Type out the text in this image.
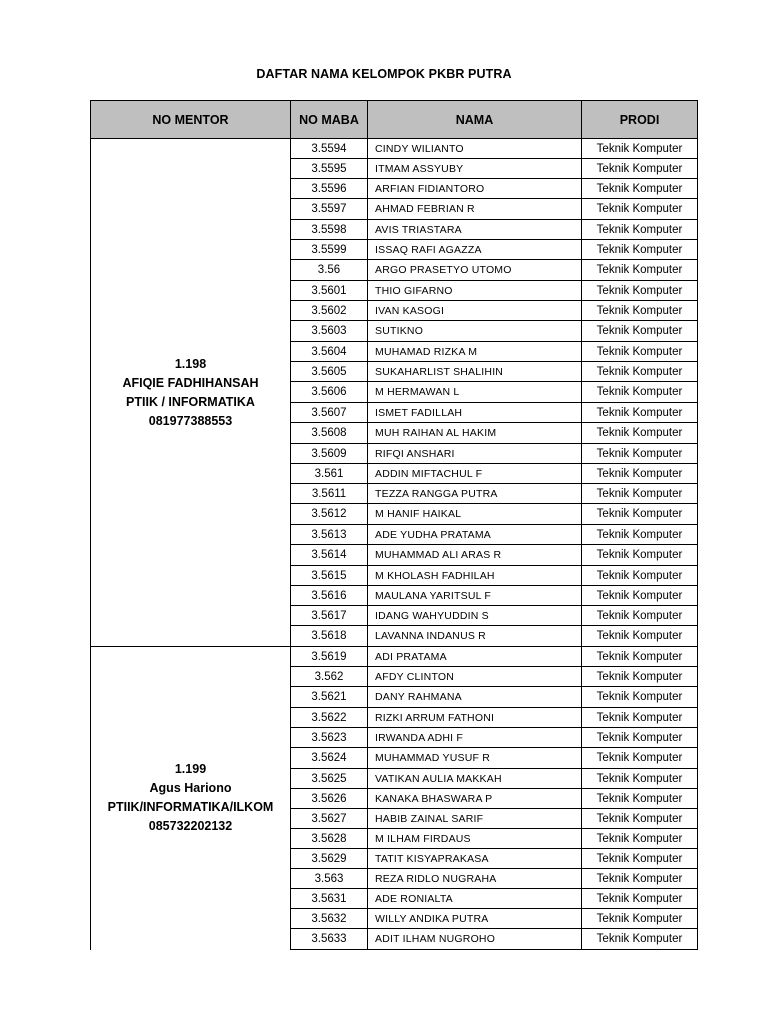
DAFTAR NAMA KELOMPOK PKBR PUTRA
NO MENTOR	NO MABA	NAMA	PRODI

1.198
AFIQIE FADHIHANSAH
PTIIK / INFORMATIKA
081977388553	3.5594	CINDY WILIANTO	Teknik Komputer
	3.5595	ITMAM ASSYUBY	Teknik Komputer
	3.5596	ARFIAN FIDIANTORO	Teknik Komputer
	3.5597	AHMAD FEBRIAN R	Teknik Komputer
	3.5598	AVIS TRIASTARA	Teknik Komputer
	3.5599	ISSAQ RAFI AGAZZA	Teknik Komputer
	3.56	ARGO PRASETYO UTOMO	Teknik Komputer
	3.5601	THIO GIFARNO	Teknik Komputer
	3.5602	IVAN KASOGI	Teknik Komputer
	3.5603	SUTIKNO	Teknik Komputer
	3.5604	MUHAMAD RIZKA M	Teknik Komputer
	3.5605	SUKAHARLIST SHALIHIN	Teknik Komputer
	3.5606	M HERMAWAN L	Teknik Komputer
	3.5607	ISMET FADILLAH	Teknik Komputer
	3.5608	MUH RAIHAN AL HAKIM	Teknik Komputer
	3.5609	RIFQI ANSHARI	Teknik Komputer
	3.561	ADDIN MIFTACHUL F	Teknik Komputer
	3.5611	TEZZA RANGGA PUTRA	Teknik Komputer
	3.5612	M HANIF HAIKAL	Teknik Komputer
	3.5613	ADE YUDHA PRATAMA	Teknik Komputer
	3.5614	MUHAMMAD ALI ARAS R	Teknik Komputer
	3.5615	M KHOLASH FADHILAH	Teknik Komputer
	3.5616	MAULANA YARITSUL F	Teknik Komputer
	3.5617	IDANG WAHYUDDIN S	Teknik Komputer
	3.5618	LAVANNA INDANUS R	Teknik Komputer

1.199
Agus Hariono
PTIIK/INFORMATIKA/ILKOM
085732202132	3.5619	ADI PRATAMA	Teknik Komputer
	3.562	AFDY CLINTON	Teknik Komputer
	3.5621	DANY RAHMANA	Teknik Komputer
	3.5622	RIZKI ARRUM FATHONI	Teknik Komputer
	3.5623	IRWANDA ADHI F	Teknik Komputer
	3.5624	MUHAMMAD YUSUF R	Teknik Komputer
	3.5625	VATIKAN AULIA MAKKAH	Teknik Komputer
	3.5626	KANAKA BHASWARA P	Teknik Komputer
	3.5627	HABIB ZAINAL SARIF	Teknik Komputer
	3.5628	M ILHAM FIRDAUS	Teknik Komputer
	3.5629	TATIT KISYAPRAKASA	Teknik Komputer
	3.563	REZA RIDLO NUGRAHA	Teknik Komputer
	3.5631	ADE RONIALTA	Teknik Komputer
	3.5632	WILLY ANDIKA PUTRA	Teknik Komputer
	3.5633	ADIT ILHAM NUGROHO	Teknik Komputer
